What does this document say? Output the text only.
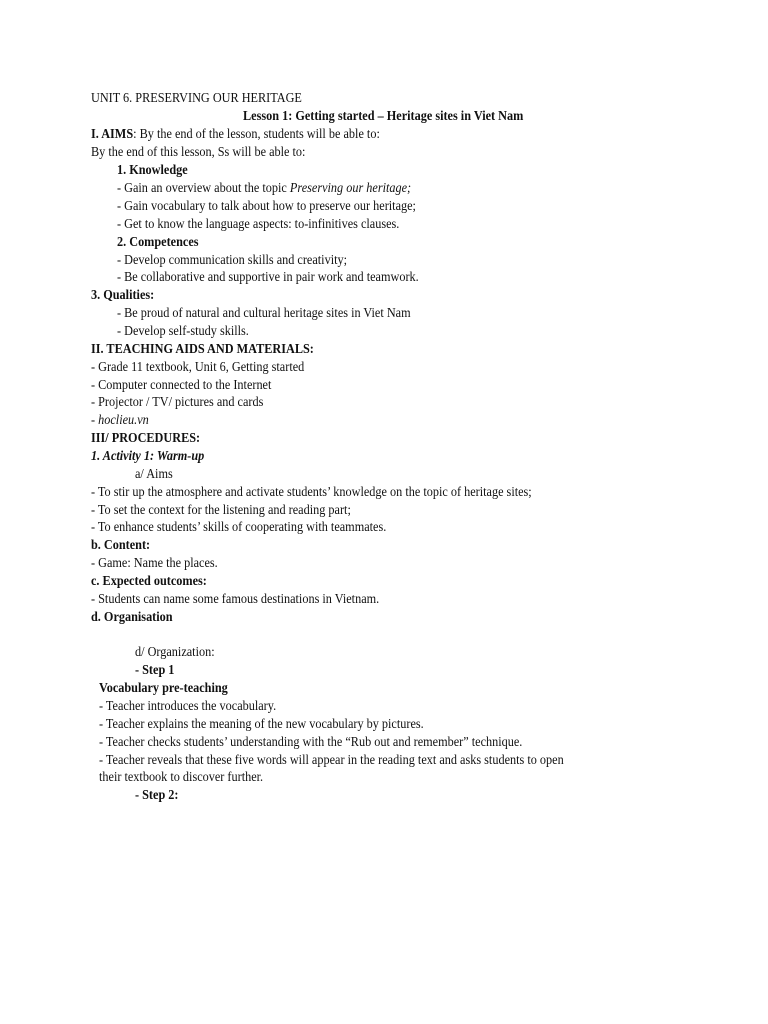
UNIT 6. PRESERVING OUR HERITAGE
Lesson 1: Getting started – Heritage sites in Viet Nam
I. AIMS: By the end of the lesson, students will be able to:
By the end of this lesson, Ss will be able to:
1. Knowledge
- Gain an overview about the topic Preserving our heritage;
- Gain vocabulary to talk about how to preserve our heritage;
- Get to know the language aspects: to-infinitives clauses.
2. Competences
- Develop communication skills and creativity;
- Be collaborative and supportive in pair work and teamwork.
3. Qualities:
- Be proud of natural and cultural heritage sites in Viet Nam
- Develop self-study skills.
II. TEACHING AIDS AND MATERIALS:
- Grade 11 textbook, Unit 6, Getting started
- Computer connected to the Internet
- Projector / TV/ pictures and cards
- hoclieu.vn
III/ PROCEDURES:
1. Activity 1: Warm-up
a/ Aims
- To stir up the atmosphere and activate students’ knowledge on the topic of heritage sites;
- To set the context for the listening and reading part;
- To enhance students’ skills of cooperating with teammates.
b. Content:
- Game: Name the places.
c. Expected outcomes:
- Students can name some famous destinations in Vietnam.
d. Organisation
d/ Organization:
- Step 1
Vocabulary pre-teaching
- Teacher introduces the vocabulary.
- Teacher explains the meaning of the new vocabulary by pictures.
- Teacher checks students’ understanding with the “Rub out and remember” technique.
- Teacher reveals that these five words will appear in the reading text and asks students to open
their textbook to discover further.
- Step 2:
